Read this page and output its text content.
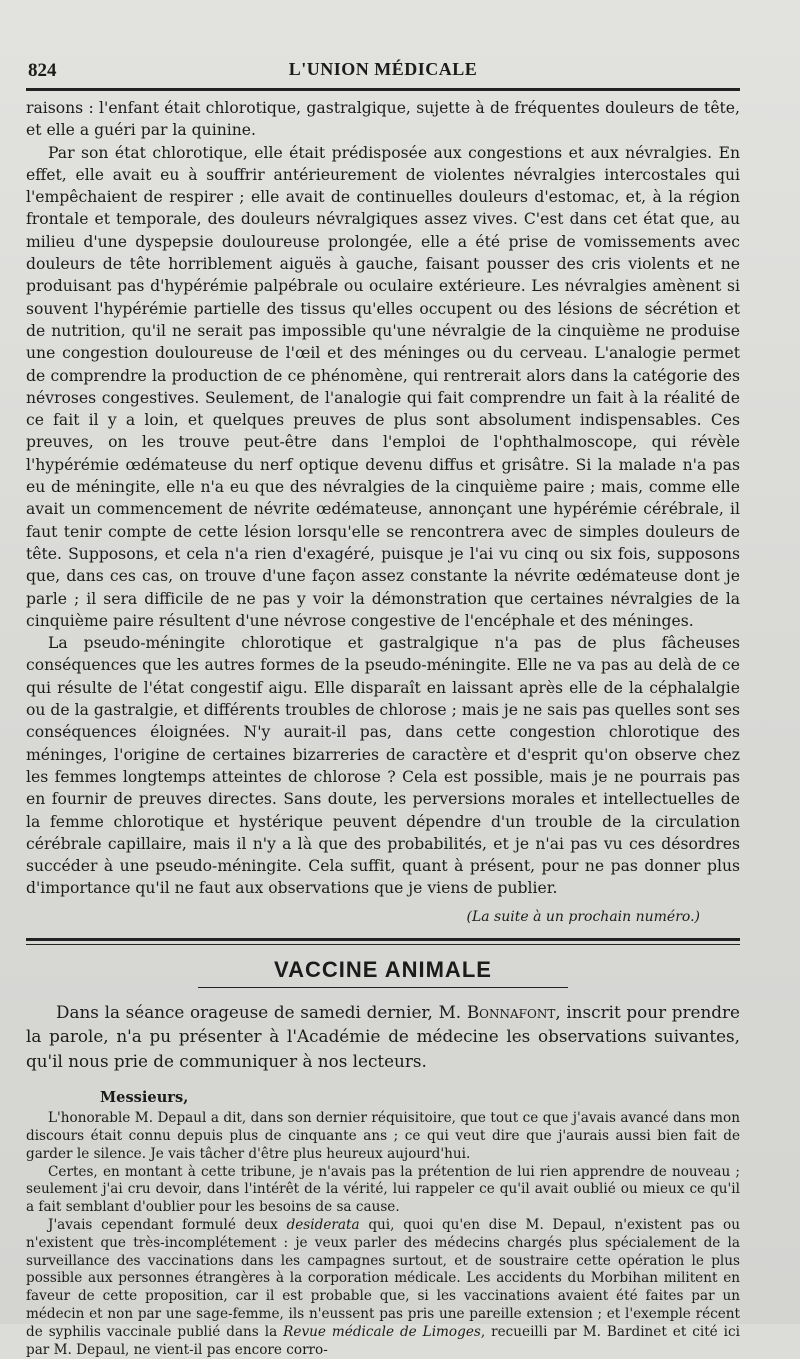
824	L'UNION MÉDICALE

raisons : l'enfant était chlorotique, gastralgique, sujette à de fréquentes douleurs de tête, et elle a guéri par la quinine.

Par son état chlorotique, elle était prédisposée aux congestions et aux névralgies. En effet, elle avait eu à souffrir antérieurement de violentes névralgies intercostales qui l'empêchaient de respirer ; elle avait de continuelles douleurs d'estomac, et, à la région frontale et temporale, des douleurs névralgiques assez vives. C'est dans cet état que, au milieu d'une dyspepsie douloureuse prolongée, elle a été prise de vomissements avec douleurs de tête horriblement aiguës à gauche, faisant pousser des cris violents et ne produisant pas d'hypérémie palpébrale ou oculaire extérieure. Les névralgies amènent si souvent l'hypérémie partielle des tissus qu'elles occupent ou des lésions de sécrétion et de nutrition, qu'il ne serait pas impossible qu'une névralgie de la cinquième ne produise une congestion douloureuse de l'œil et des méninges ou du cerveau. L'analogie permet de comprendre la production de ce phénomène, qui rentrerait alors dans la catégorie des névroses congestives. Seulement, de l'analogie qui fait comprendre un fait à la réalité de ce fait il y a loin, et quelques preuves de plus sont absolument indispensables. Ces preuves, on les trouve peut-être dans l'emploi de l'ophthalmoscope, qui révèle l'hypérémie œdémateuse du nerf optique devenu diffus et grisâtre. Si la malade n'a pas eu de méningite, elle n'a eu que des névralgies de la cinquième paire ; mais, comme elle avait un commencement de névrite œdémateuse, annonçant une hypérémie cérébrale, il faut tenir compte de cette lésion lorsqu'elle se rencontrera avec de simples douleurs de tête. Supposons, et cela n'a rien d'exagéré, puisque je l'ai vu cinq ou six fois, supposons que, dans ces cas, on trouve d'une façon assez constante la névrite œdémateuse dont je parle ; il sera difficile de ne pas y voir la démonstration que certaines névralgies de la cinquième paire résultent d'une névrose congestive de l'encéphale et des méninges.

La pseudo-méningite chlorotique et gastralgique n'a pas de plus fâcheuses conséquences que les autres formes de la pseudo-méningite. Elle ne va pas au delà de ce qui résulte de l'état congestif aigu. Elle disparaît en laissant après elle de la céphalalgie ou de la gastralgie, et différents troubles de chlorose ; mais je ne sais pas quelles sont ses conséquences éloignées. N'y aurait-il pas, dans cette congestion chlorotique des méninges, l'origine de certaines bizarreries de caractère et d'esprit qu'on observe chez les femmes longtemps atteintes de chlorose ? Cela est possible, mais je ne pourrais pas en fournir de preuves directes. Sans doute, les perversions morales et intellectuelles de la femme chlorotique et hystérique peuvent dépendre d'un trouble de la circulation cérébrale capillaire, mais il n'y a là que des probabilités, et je n'ai pas vu ces désordres succéder à une pseudo-méningite. Cela suffit, quant à présent, pour ne pas donner plus d'importance qu'il ne faut aux observations que je viens de publier.

(La suite à un prochain numéro.)
VACCINE ANIMALE

Dans la séance orageuse de samedi dernier, M. Bonnafont, inscrit pour prendre la parole, n'a pu présenter à l'Académie de médecine les observations suivantes, qu'il nous prie de communiquer à nos lecteurs.

Messieurs,

L'honorable M. Depaul a dit, dans son dernier réquisitoire, que tout ce que j'avais avancé dans mon discours était connu depuis plus de cinquante ans ; ce qui veut dire que j'aurais aussi bien fait de garder le silence. Je vais tâcher d'être plus heureux aujourd'hui.

Certes, en montant à cette tribune, je n'avais pas la prétention de lui rien apprendre de nouveau ; seulement j'ai cru devoir, dans l'intérêt de la vérité, lui rappeler ce qu'il avait oublié ou mieux ce qu'il a fait semblant d'oublier pour les besoins de sa cause.

J'avais cependant formulé deux desiderata qui, quoi qu'en dise M. Depaul, n'existent pas ou n'existent que très-incomplétement : je veux parler des médecins chargés plus spécialement de la surveillance des vaccinations dans les campagnes surtout, et de soustraire cette opération le plus possible aux personnes étrangères à la corporation médicale. Les accidents du Morbihan militent en faveur de cette proposition, car il est probable que, si les vaccinations avaient été faites par un médecin et non par une sage-femme, ils n'eussent pas pris une pareille extension ; et l'exemple récent de syphilis vaccinale publié dans la Revue médicale de Limoges, recueilli par M. Bardinet et cité ici par M. Depaul, ne vient-il pas encore corro-
